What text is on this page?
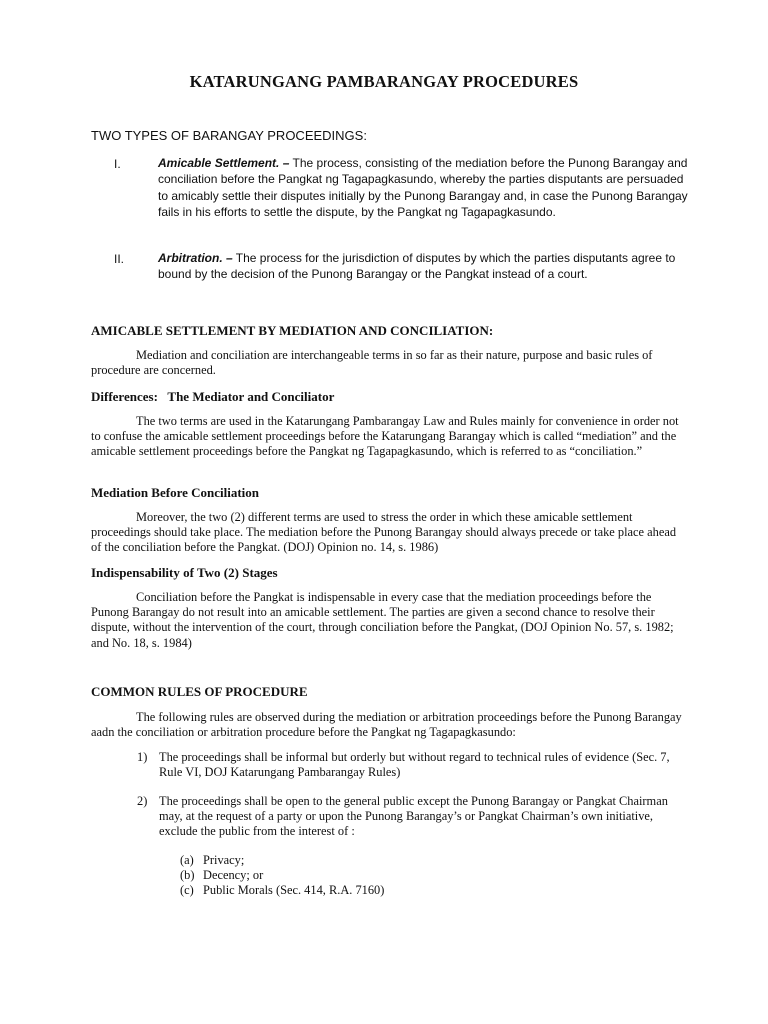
KATARUNGANG PAMBARANGAY PROCEDURES
TWO TYPES OF BARANGAY PROCEEDINGS:
I.	Amicable Settlement. – The process, consisting of the mediation before the Punong Barangay and conciliation before the Pangkat ng Tagapagkasundo, whereby the parties disputants are persuaded to amicably settle their disputes initially by the Punong Barangay and, in case the Punong Barangay fails in his efforts to settle the dispute, by the Pangkat ng Tagapagkasundo.
II.	Arbitration. – The process for the jurisdiction of disputes by which the parties disputants agree to bound by the decision of the Punong Barangay or the Pangkat instead of a court.
AMICABLE SETTLEMENT BY MEDIATION AND CONCILIATION:
Mediation and conciliation are interchangeable terms in so far as their nature, purpose and basic rules of procedure are concerned.
Differences:   The Mediator and Conciliator
The two terms are used in the Katarungang Pambarangay Law and Rules mainly for convenience in order not to confuse the amicable settlement proceedings before the Katarungang Barangay which is called “mediation” and the amicable settlement proceedings before the Pangkat ng Tagapagkasundo, which is referred to as “conciliation.”
Mediation Before Conciliation
Moreover, the two (2) different terms are used to stress the order in which these amicable settlement proceedings should take place. The mediation before the Punong Barangay should always precede or take place ahead of the conciliation before the Pangkat. (DOJ) Opinion no. 14, s. 1986)
Indispensability of Two (2) Stages
Conciliation before the Pangkat is indispensable in every case that the mediation proceedings before the Punong Barangay do not result into an amicable settlement. The parties are given a second chance to resolve their dispute, without the intervention of the court, through conciliation before the Pangkat, (DOJ Opinion No. 57, s. 1982; and No. 18, s. 1984)
COMMON RULES OF PROCEDURE
The following rules are observed during the mediation or arbitration proceedings before the Punong Barangay aadn the conciliation or arbitration procedure before the Pangkat ng Tagapagkasundo:
1) The proceedings shall be informal but orderly but without regard to technical rules of evidence (Sec. 7, Rule VI, DOJ Katarungang Pambarangay Rules)
2) The proceedings shall be open to the general public except the Punong Barangay or Pangkat Chairman may, at the request of a party or upon the Punong Barangay’s or Pangkat Chairman’s own initiative, exclude the public from the interest of :
(a) Privacy;
(b) Decency; or
(c) Public Morals (Sec. 414, R.A. 7160)
